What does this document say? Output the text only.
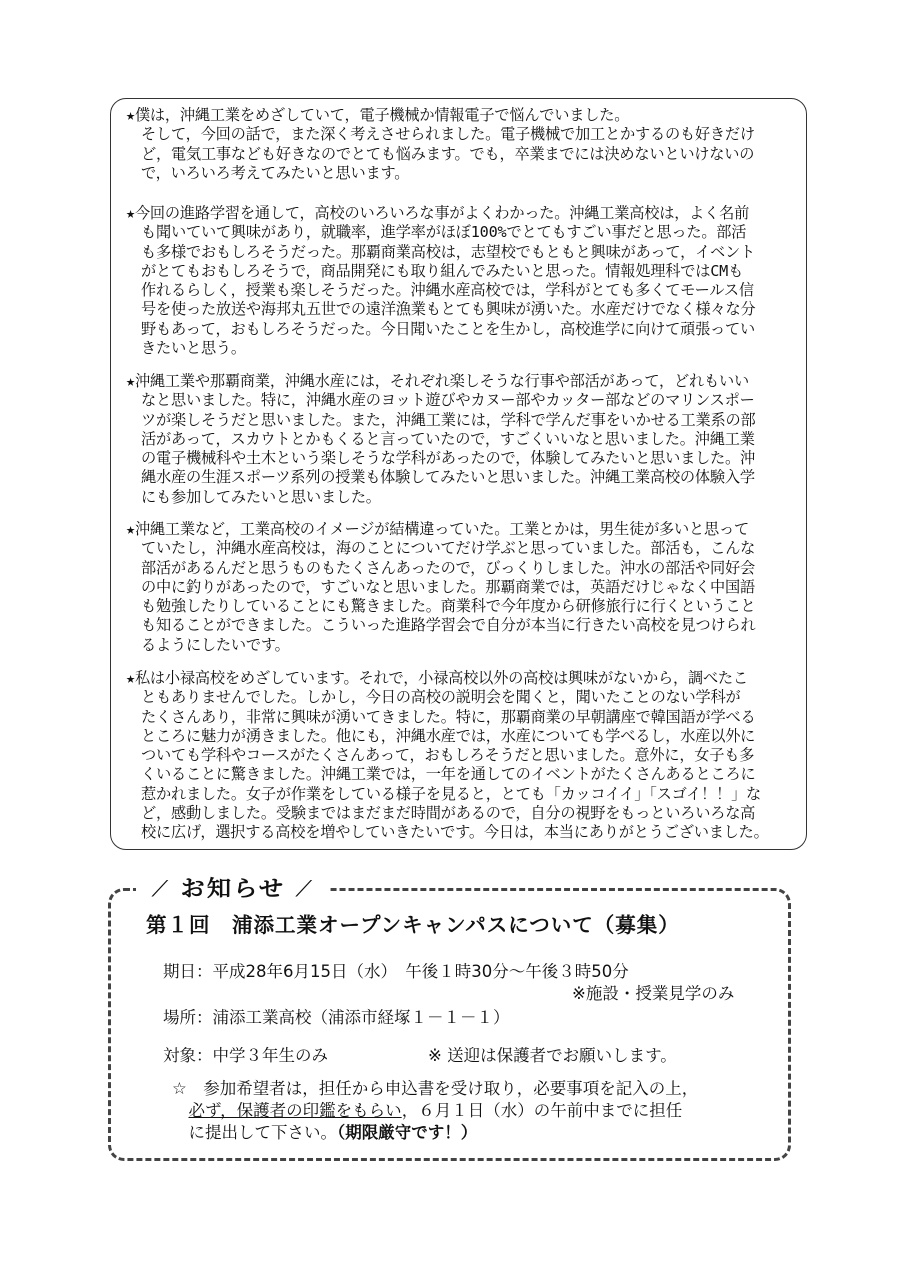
★僕は，沖縄工業をめざしていて，電子機械か情報電子で悩んでいました。
　そして，今回の話で，また深く考えさせられました。電子機械で加工とかするのも好きだけ
　ど，電気工事なども好きなのでとても悩みます。でも，卒業までには決めないといけないの
　で，いろいろ考えてみたいと思います。
★今回の進路学習を通して，高校のいろいろな事がよくわかった。沖縄工業高校は，よく名前
　も聞いていて興味があり，就職率，進学率がほぼ100%でとてもすごい事だと思った。部活
　も多様でおもしろそうだった。那覇商業高校は，志望校でもともと興味があって，イベント
　がとてもおもしろそうで，商品開発にも取り組んでみたいと思った。情報処理科ではCMも
　作れるらしく，授業も楽しそうだった。沖縄水産高校では，学科がとても多くてモールス信
　号を使った放送や海邦丸五世での遠洋漁業もとても興味が湧いた。水産だけでなく様々な分
　野もあって，おもしろそうだった。今日聞いたことを生かし，高校進学に向けて頑張ってい
　きたいと思う。
★沖縄工業や那覇商業，沖縄水産には，それぞれ楽しそうな行事や部活があって，どれもいい
　なと思いました。特に，沖縄水産のヨット遊びやカヌー部やカッター部などのマリンスポー
　ツが楽しそうだと思いました。また，沖縄工業には，学科で学んだ事をいかせる工業系の部
　活があって，スカウトとかもくると言っていたので，すごくいいなと思いました。沖縄工業
　の電子機械科や土木という楽しそうな学科があったので，体験してみたいと思いました。沖
　縄水産の生涯スポーツ系列の授業も体験してみたいと思いました。沖縄工業高校の体験入学
　にも参加してみたいと思いました。
★沖縄工業など，工業高校のイメージが結構違っていた。工業とかは，男生徒が多いと思って
　ていたし，沖縄水産高校は，海のことについてだけ学ぶと思っていました。部活も，こんな
　部活があるんだと思うものもたくさんあったので，びっくりしました。沖水の部活や同好会
　の中に釣りがあったので，すごいなと思いました。那覇商業では，英語だけじゃなく中国語
　も勉強したりしていることにも驚きました。商業科で今年度から研修旅行に行くということ
　も知ることができました。こういった進路学習会で自分が本当に行きたい高校を見つけられ
　るようにしたいです。
★私は小禄高校をめざしています。それで，小禄高校以外の高校は興味がないから，調べたこ
　ともありませんでした。しかし，今日の高校の説明会を聞くと，聞いたことのない学科が
　たくさんあり，非常に興味が湧いてきました。特に，那覇商業の早朝講座で韓国語が学べる
　ところに魅力が湧きました。他にも，沖縄水産では，水産についても学べるし，水産以外に
　ついても学科やコースがたくさんあって，おもしろそうだと思いました。意外に，女子も多
　くいることに驚きました。沖縄工業では，一年を通してのイベントがたくさんあるところに
　惹かれました。女子が作業をしている様子を見ると，とても「カッコイイ」「スゴイ！！」な
　ど，感動しました。受験まではまだまだ時間があるので，自分の視野をもっといろいろな高
　校に広げ，選択する高校を増やしていきたいです。今日は，本当にありがとうございました。
⟋ お知らせ ⟋
第１回　浦添工業オープンキャンパスについて（募集）
期日：平成28年6月15日（水）　午後１時30分〜午後３時50分
※施設・授業見学のみ
場所：浦添工業高校（浦添市経塚１－１－１）
対象：中学３年生のみ	※ 送迎は保護者でお願いします。
☆　参加希望者は，担任から申込書を受け取り，必要事項を記入の上，
　必ず，保護者の印鑑をもらい，６月１日（水）の午前中までに担任
　に提出して下さい。（期限厳守です！）
